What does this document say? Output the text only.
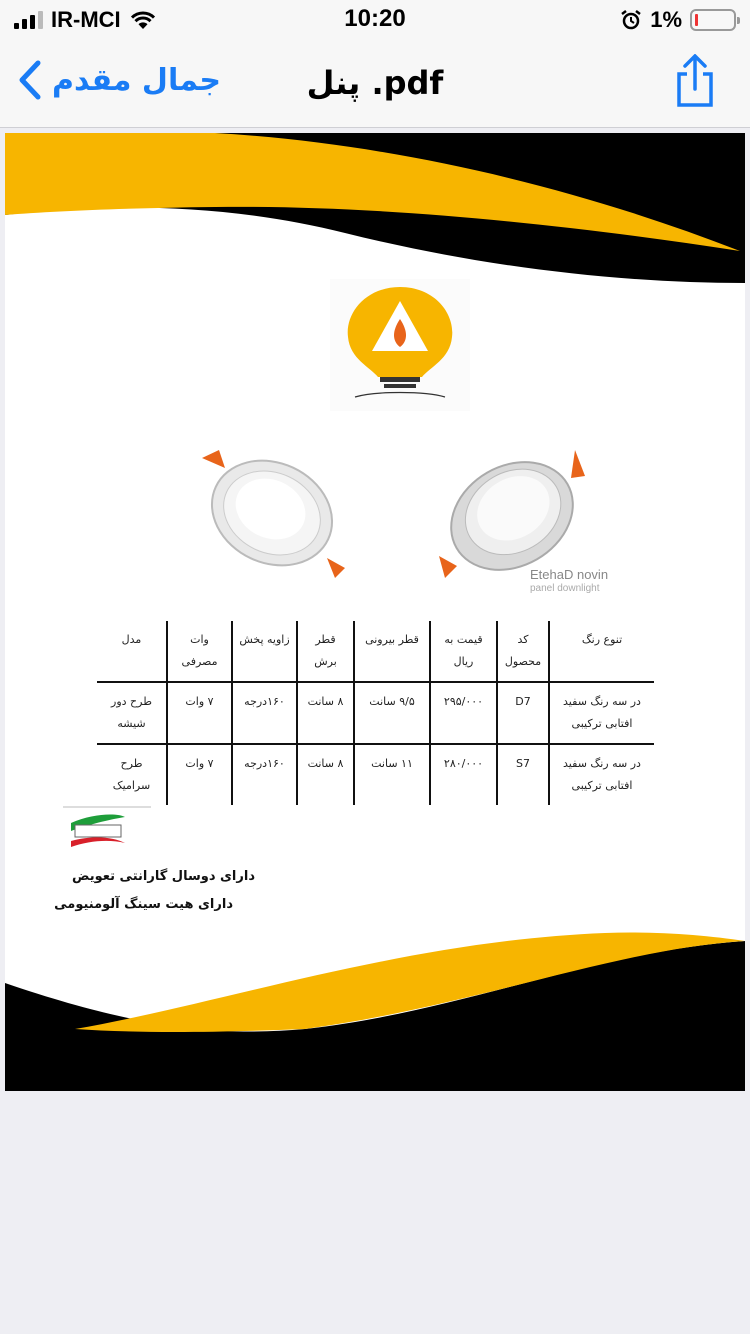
IR-MCI	10:20	1%
جمال مقدم	پنل .pdf
EtehaD novin
panel downlight
تنوع رنگ	کد محصول	قیمت به ریال	قطر بیرونی	قطر برش	زاویه پخش	وات مصرفی	مدل
در سه رنگ سفید افتابی ترکیبی	D7	۲۹۵/۰۰۰	۹/۵ سانت	۸ سانت	۱۶۰درجه	۷ وات	طرح دور شیشه
در سه رنگ سفید افتابی ترکیبی	S7	۲۸۰/۰۰۰	۱۱ سانت	۸ سانت	۱۶۰درجه	۷ وات	طرح سرامیک
دارای دوسال گارانتی تعویض
دارای هیت سینگ آلومنیومی
